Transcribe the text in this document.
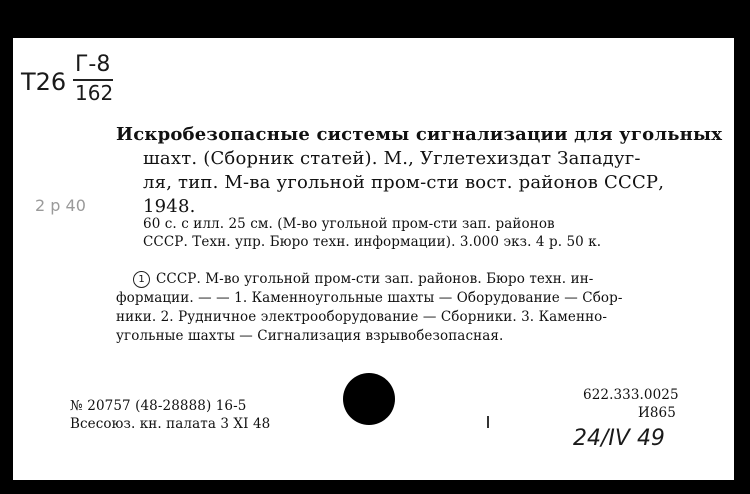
Т26
Г-8
162
2 р 40
Искробезопасные системы сигнализации для угольных
шахт. (Сборник статей). М., Углетехиздат Западуг-
ля, тип. М-ва угольной пром-сти вост. районов СССР,
1948.
60 с. с илл. 25 см. (М-во угольной пром-сти зап. районов
СССР. Техн. упр. Бюро техн. информации). 3.000 экз. 4 р. 50 к.
1 СССР. М-во угольной пром-сти зап. районов. Бюро техн. ин-
формации. — — 1. Каменноугольные шахты — Оборудование — Сбор-
ники. 2. Рудничное электрооборудование — Сборники. 3. Каменно-
угольные шахты — Сигнализация взрывобезопасная.
№ 20757 (48-28888) 16-5
Всесоюз. кн. палата 3 XI 48
622.333.0025
И865
24/IV 49
